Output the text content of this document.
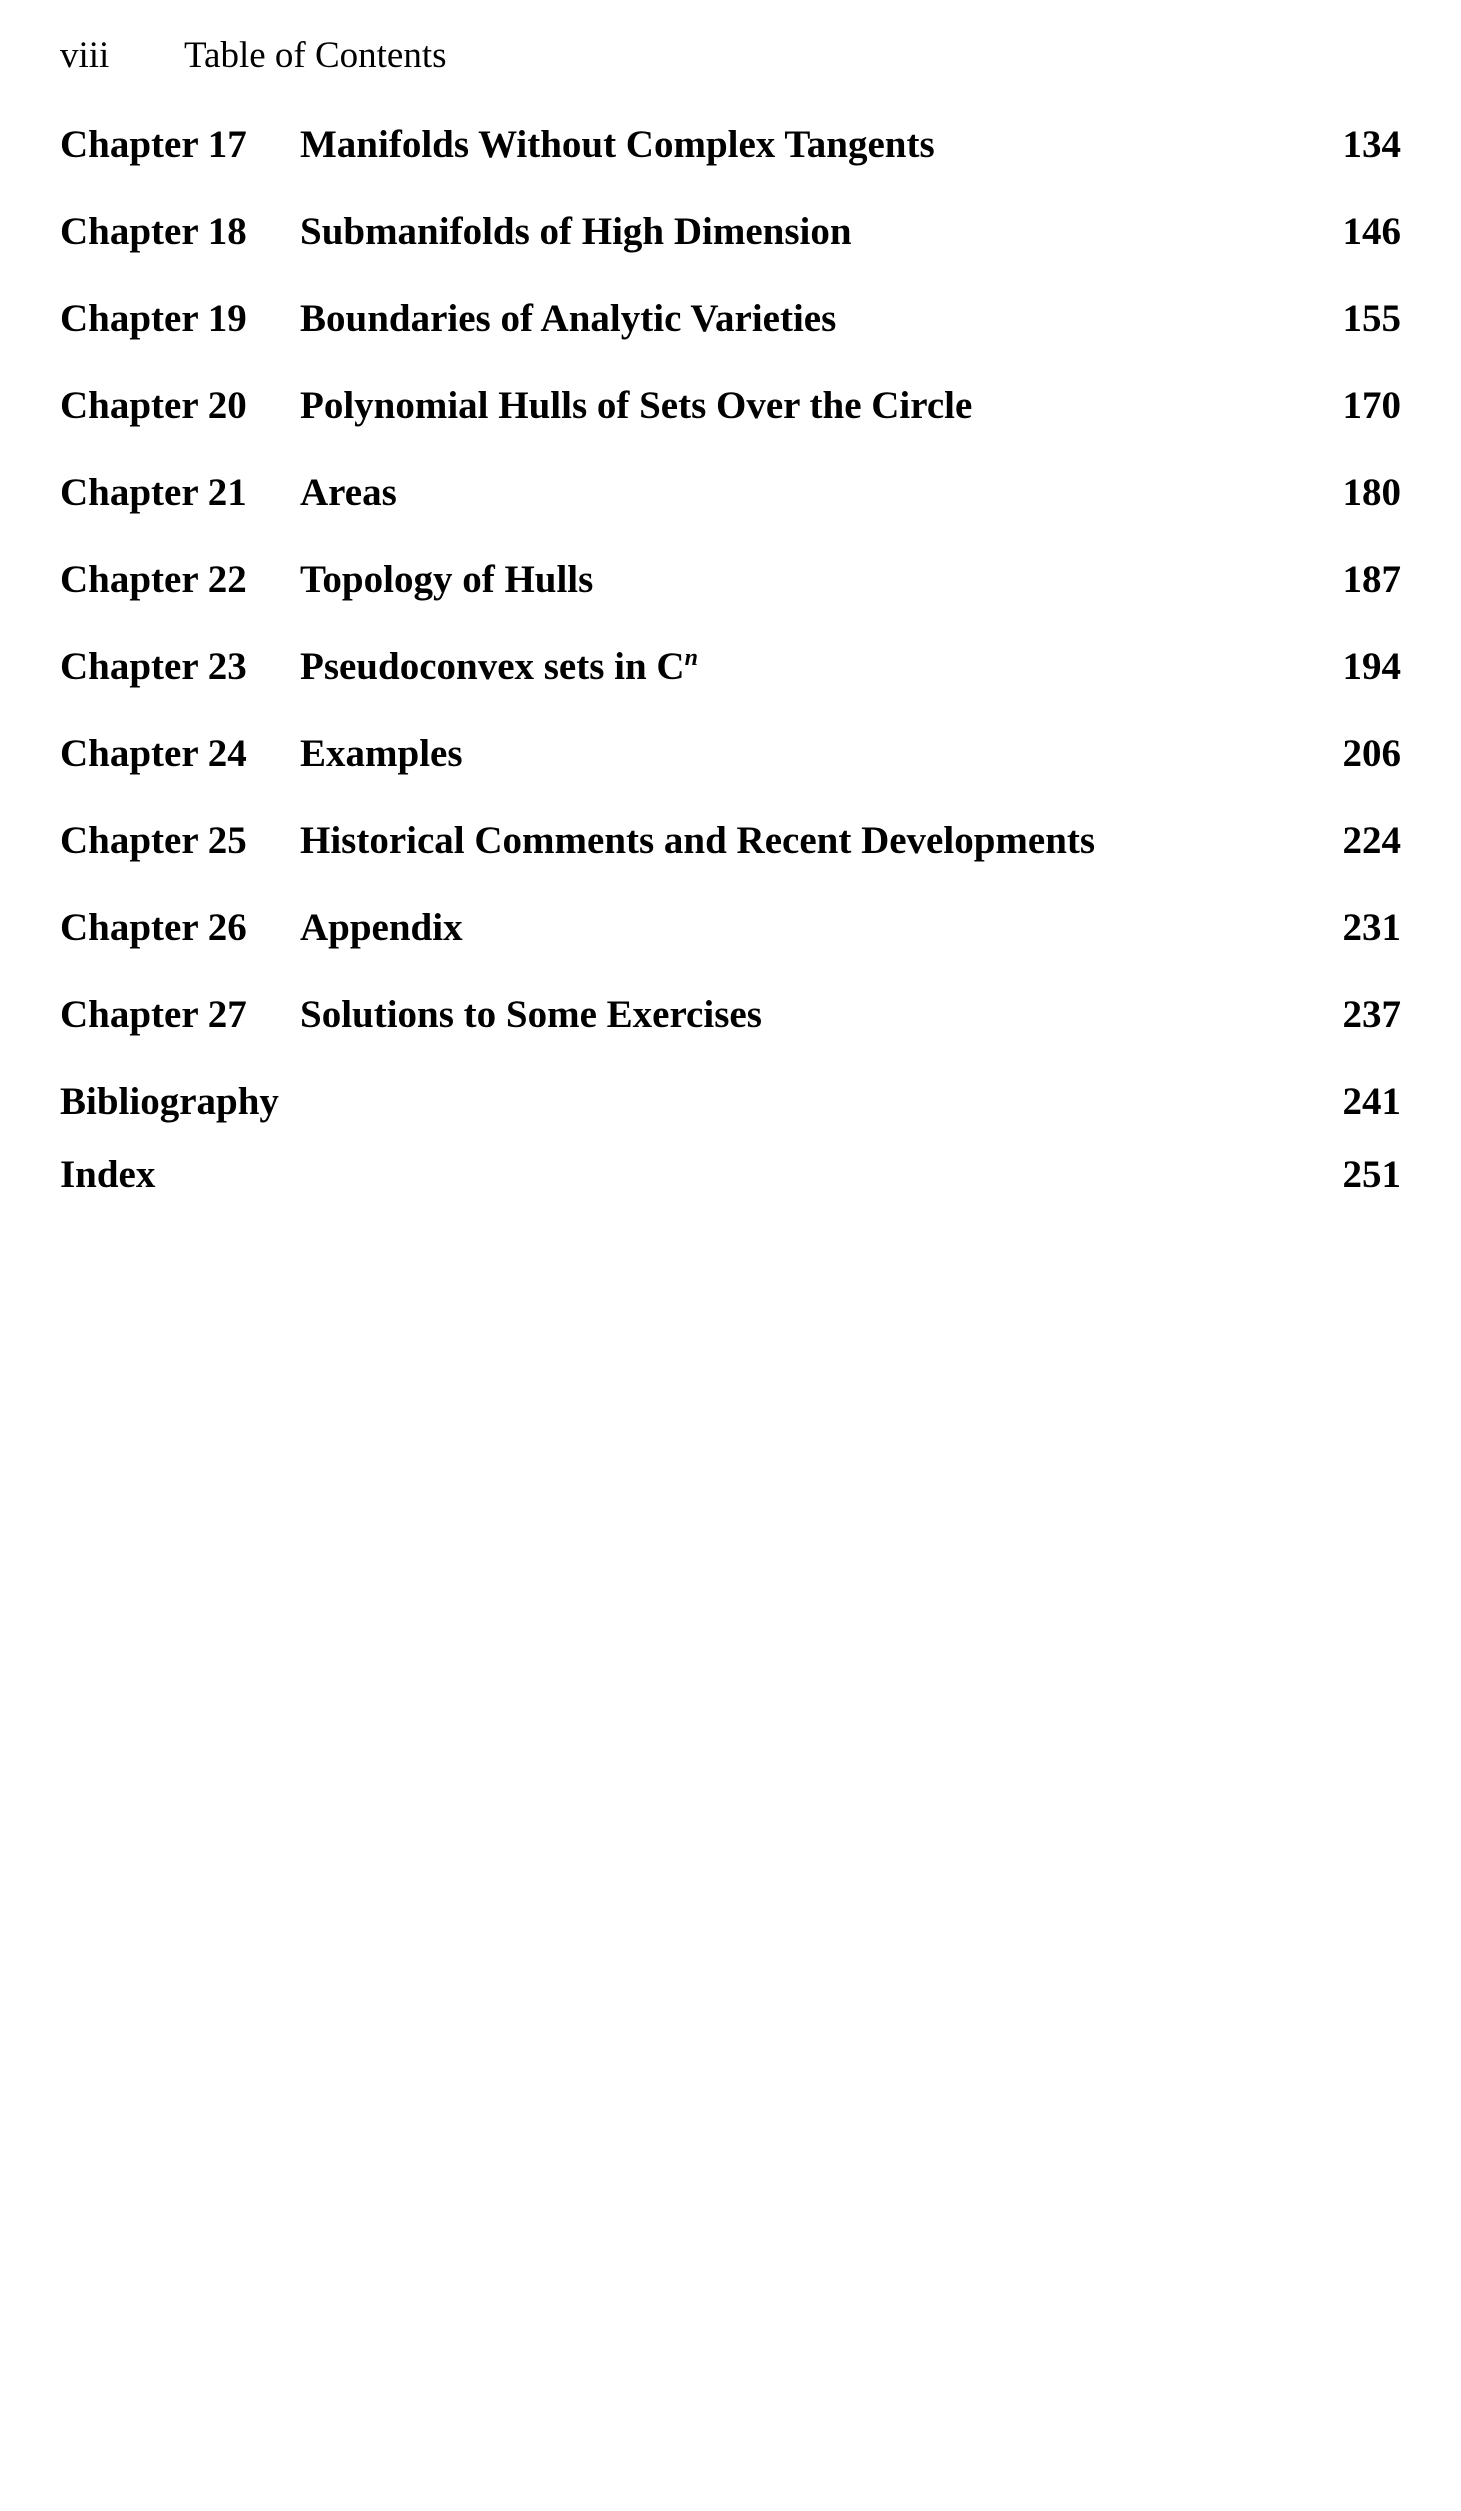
viii Table of Contents
Chapter 17 Manifolds Without Complex Tangents	134
Chapter 18 Submanifolds of High Dimension	146
Chapter 19 Boundaries of Analytic Varieties	155
Chapter 20 Polynomial Hulls of Sets Over the Circle	170
Chapter 21 Areas	180
Chapter 22 Topology of Hulls	187
Chapter 23 Pseudoconvex sets in $C^n$	194
Chapter 24 Examples	206
Chapter 25 Historical Comments and Recent Developments	224
Chapter 26 Appendix	231
Chapter 27 Solutions to Some Exercises	237
Bibliography	241
Index	251
